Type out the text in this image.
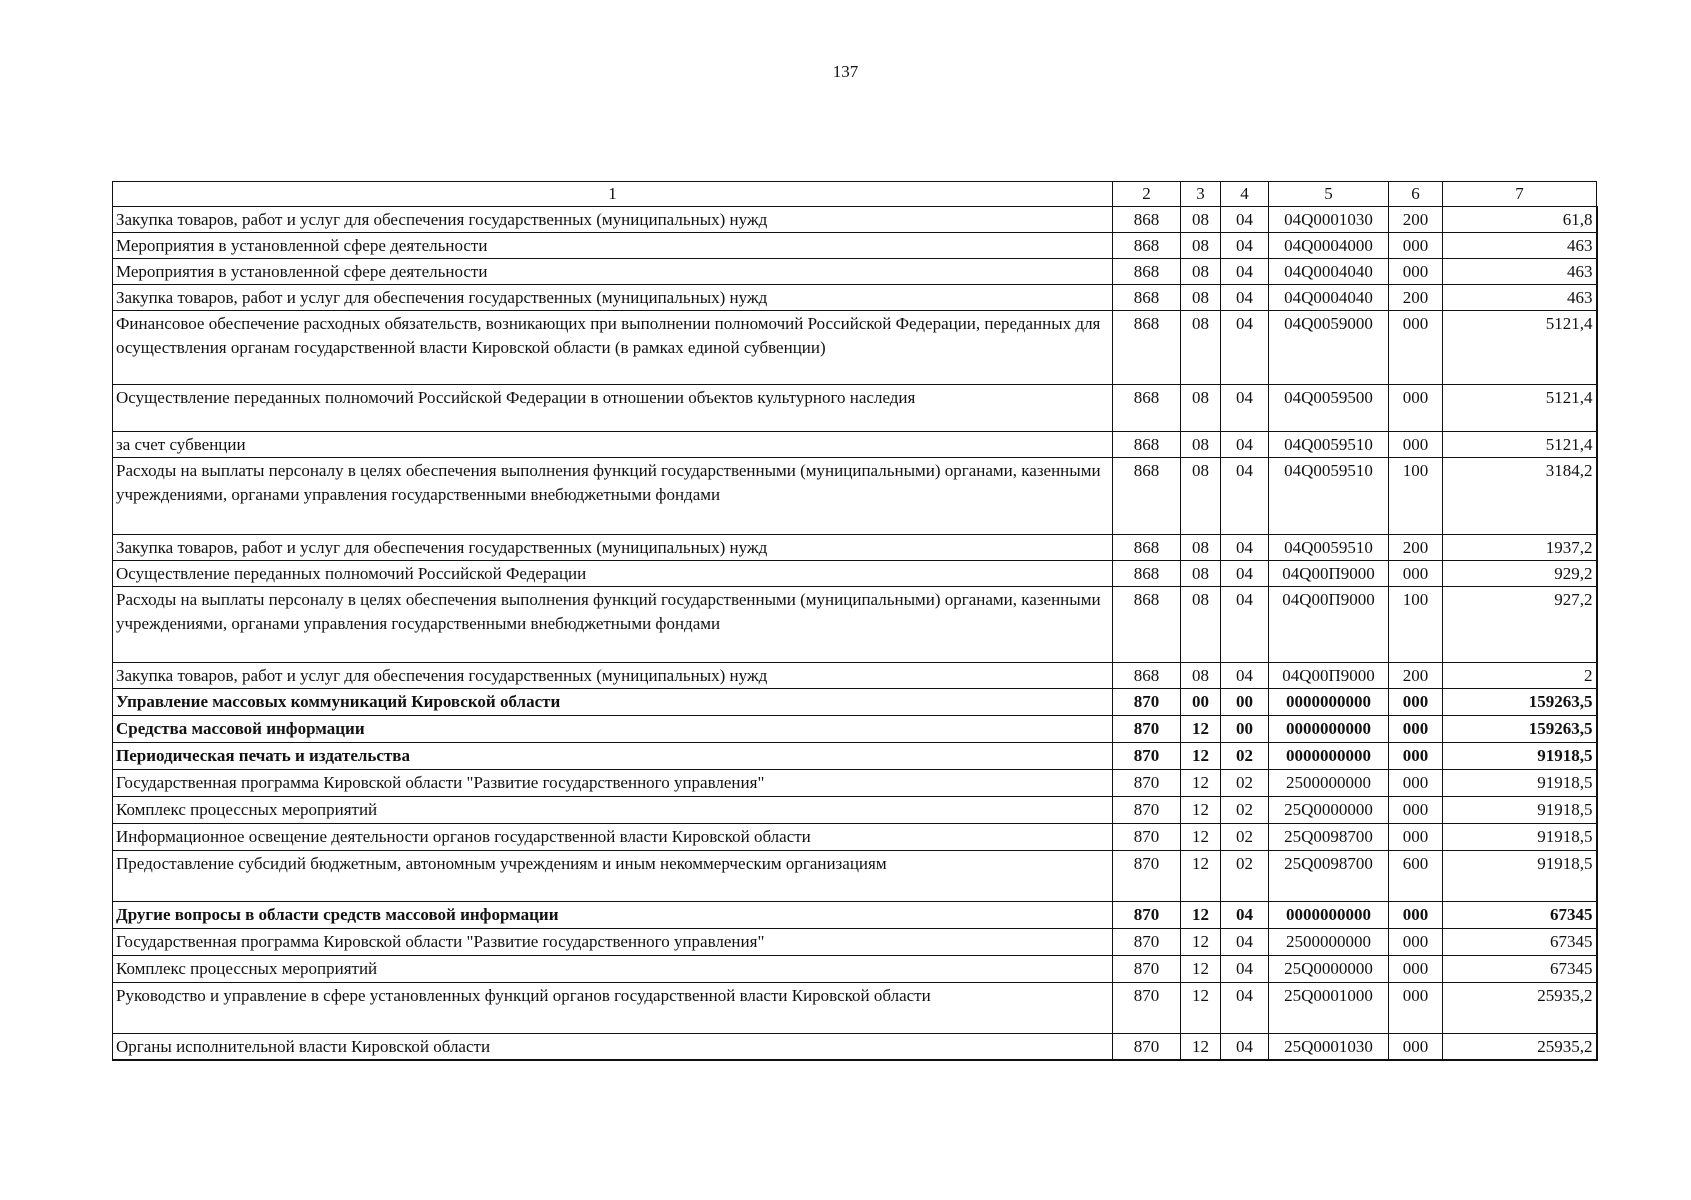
137
1	2	3	4	5	6	7
Закупка товаров, работ и услуг для обеспечения государственных (муниципальных) нужд	868	08	04	04Q0001030	200	61,8
Мероприятия в установленной сфере деятельности	868	08	04	04Q0004000	000	463
Мероприятия в установленной сфере деятельности	868	08	04	04Q0004040	000	463
Закупка товаров, работ и услуг для обеспечения государственных (муниципальных) нужд	868	08	04	04Q0004040	200	463
Финансовое обеспечение расходных обязательств, возникающих при выполнении полномочий Российской Федерации, переданных для осуществления органам государственной власти Кировской области (в рамках единой субвенции)	868	08	04	04Q0059000	000	5121,4
Осуществление переданных полномочий Российской Федерации в отношении объектов культурного наследия	868	08	04	04Q0059500	000	5121,4
за счет субвенции	868	08	04	04Q0059510	000	5121,4
Расходы на выплаты персоналу в целях обеспечения выполнения функций государственными (муниципальными) органами, казенными учреждениями, органами управления государственными внебюджетными фондами	868	08	04	04Q0059510	100	3184,2
Закупка товаров, работ и услуг для обеспечения государственных (муниципальных) нужд	868	08	04	04Q0059510	200	1937,2
Осуществление переданных полномочий Российской Федерации	868	08	04	04Q00П9000	000	929,2
Расходы на выплаты персоналу в целях обеспечения выполнения функций государственными (муниципальными) органами, казенными учреждениями, органами управления государственными внебюджетными фондами	868	08	04	04Q00П9000	100	927,2
Закупка товаров, работ и услуг для обеспечения государственных (муниципальных) нужд	868	08	04	04Q00П9000	200	2
Управление массовых коммуникаций Кировской области	870	00	00	0000000000	000	159263,5
Средства массовой информации	870	12	00	0000000000	000	159263,5
Периодическая печать и издательства	870	12	02	0000000000	000	91918,5
Государственная программа Кировской области "Развитие государственного управления"	870	12	02	2500000000	000	91918,5
Комплекс процессных мероприятий	870	12	02	25Q0000000	000	91918,5
Информационное освещение деятельности органов государственной власти Кировской области	870	12	02	25Q0098700	000	91918,5
Предоставление субсидий бюджетным, автономным учреждениям и иным некоммерческим организациям	870	12	02	25Q0098700	600	91918,5
Другие вопросы в области средств массовой информации	870	12	04	0000000000	000	67345
Государственная программа Кировской области "Развитие государственного управления"	870	12	04	2500000000	000	67345
Комплекс процессных мероприятий	870	12	04	25Q0000000	000	67345
Руководство и управление в сфере установленных функций органов государственной власти Кировской области	870	12	04	25Q0001000	000	25935,2
Органы исполнительной власти Кировской области	870	12	04	25Q0001030	000	25935,2
